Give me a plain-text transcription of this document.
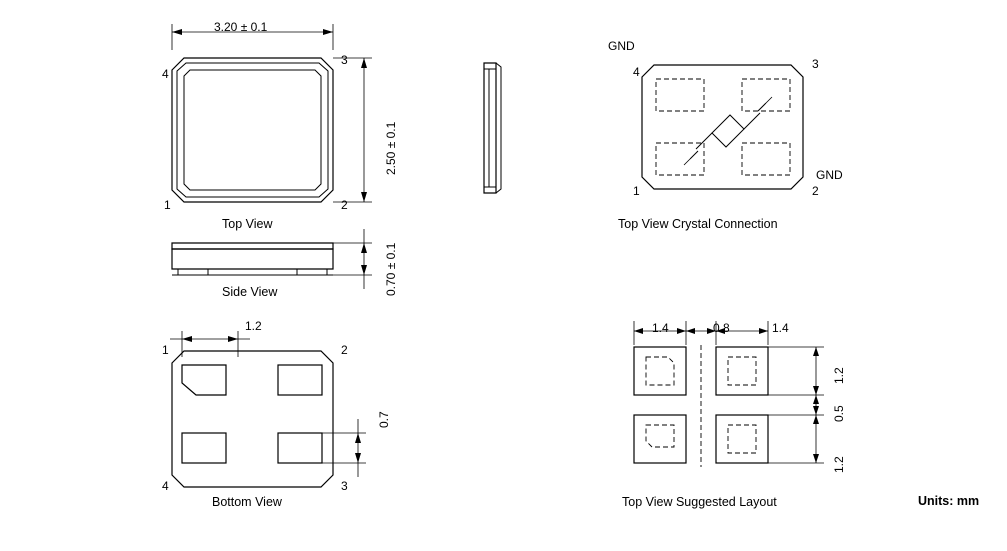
3.20 ± 0.1
2.50 ± 0.1
4
3
1	2
Top View
0.70 ± 0.1
Side View
1.2
0.7
1	2
4	3
Bottom View
GND
GND
4
3
1	2
Top View Crystal Connection
1.4	0.8	1.4
1.2
0.5
1.2
Top View Suggested Layout	Units: mm
